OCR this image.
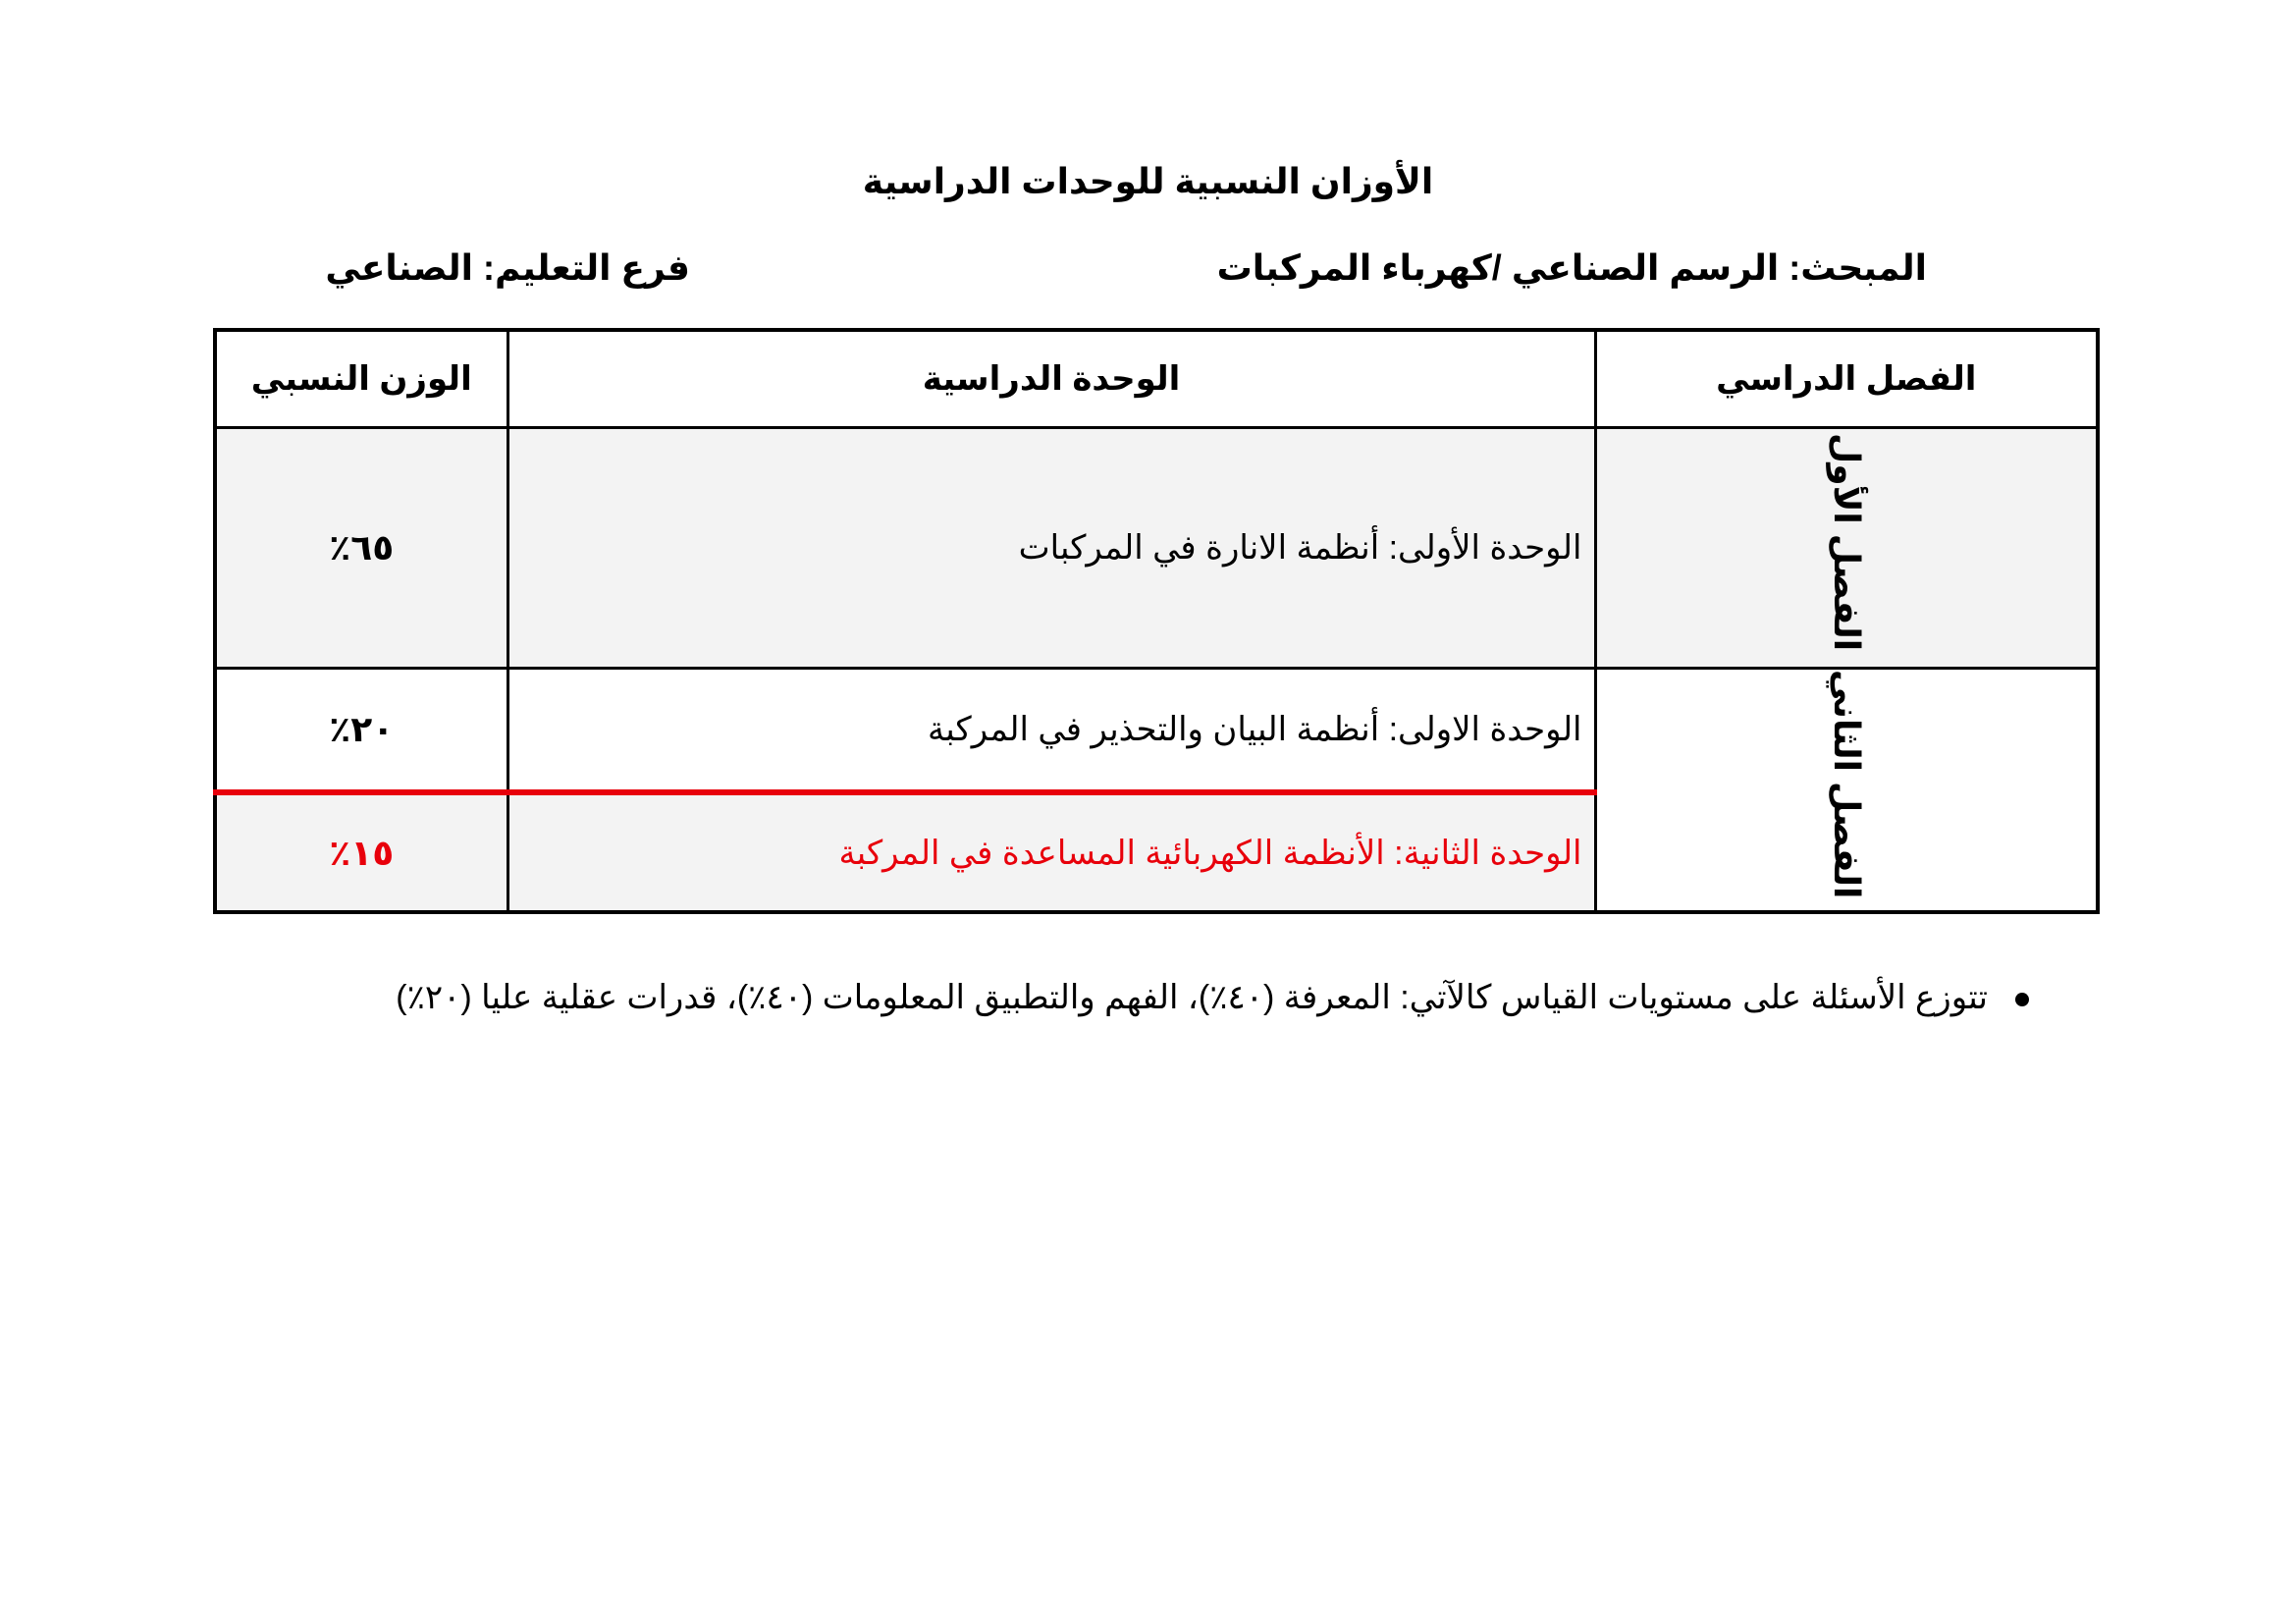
الأوزان النسبية للوحدات الدراسية
المبحث: الرسم الصناعي /كهرباء المركبات
فرع التعليم: الصناعي
الفصل الدراسي	الوحدة الدراسية	الوزن النسبي
الفصل الأول	الوحدة الأولى: أنظمة الانارة في المركبات	٦٥٪
الفصل الثاني	الوحدة الاولى: أنظمة البيان والتحذير في المركبة	٢٠٪
	الوحدة الثانية: الأنظمة الكهربائية المساعدة في المركبة	١٥٪
تتوزع الأسئلة على مستويات القياس كالآتي: المعرفة (٤٠٪)، الفهم والتطبيق المعلومات (٤٠٪)، قدرات عقلية عليا (٢٠٪)
